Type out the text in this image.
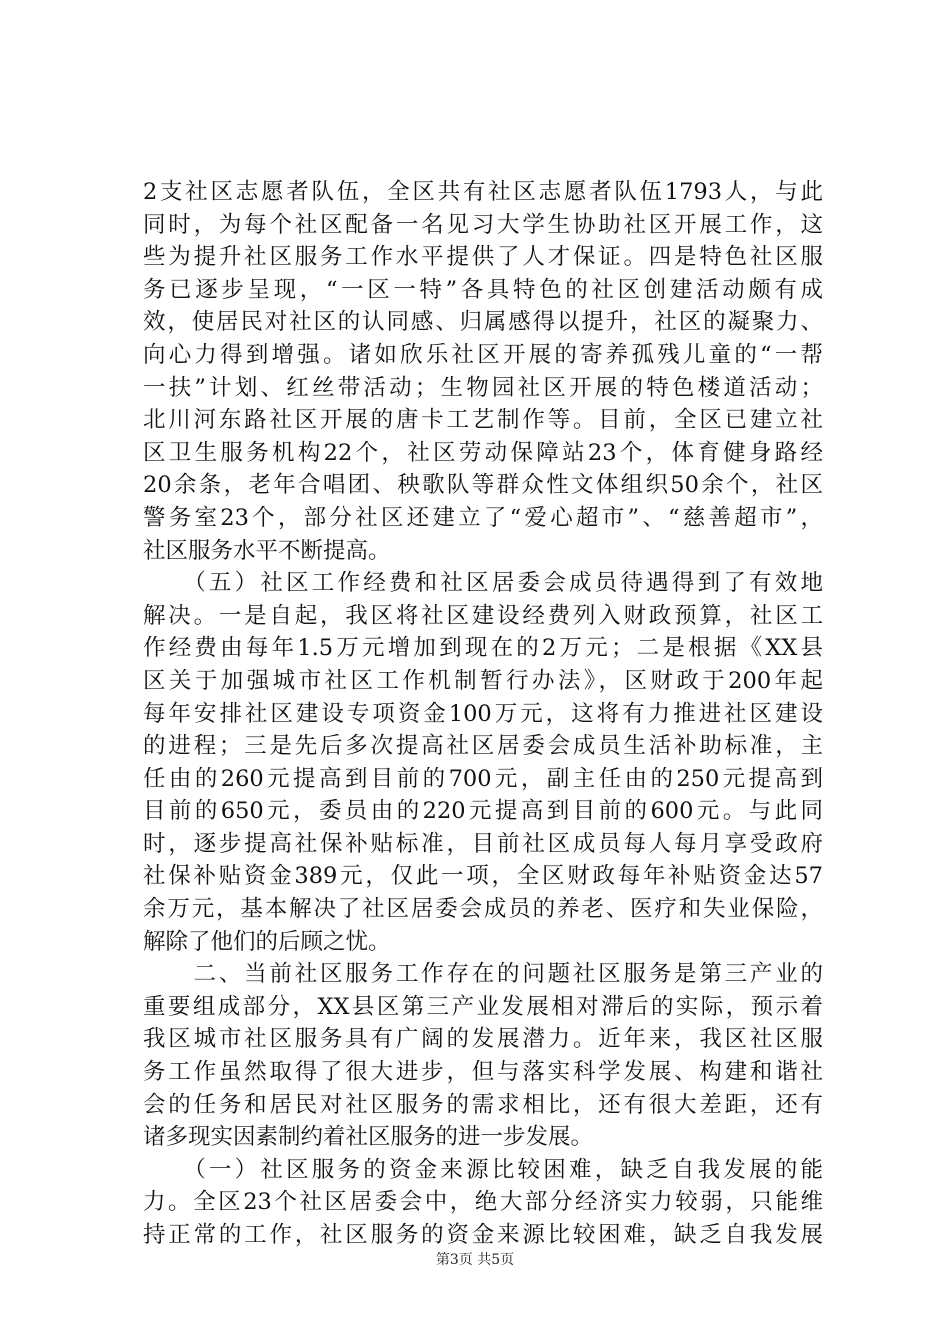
2支社区志愿者队伍，全区共有社区志愿者队伍1793人，与此
同时，为每个社区配备一名见习大学生协助社区开展工作，这
些为提升社区服务工作水平提供了人才保证。四是特色社区服
务已逐步呈现，“一区一特”各具特色的社区创建活动颇有成
效，使居民对社区的认同感、归属感得以提升，社区的凝聚力、
向心力得到增强。诸如欣乐社区开展的寄养孤残儿童的“一帮
一扶”计划、红丝带活动；生物园社区开展的特色楼道活动；
北川河东路社区开展的唐卡工艺制作等。目前，全区已建立社
区卫生服务机构22个，社区劳动保障站23个，体育健身路经
20余条，老年合唱团、秧歌队等群众性文体组织50余个，社区
警务室23个，部分社区还建立了“爱心超市”、“慈善超市”，
社区服务水平不断提高。
　　（五）社区工作经费和社区居委会成员待遇得到了有效地
解决。一是自起，我区将社区建设经费列入财政预算，社区工
作经费由每年1.5万元增加到现在的2万元；二是根据《XX县
区关于加强城市社区工作机制暂行办法》，区财政于200年起
每年安排社区建设专项资金100万元，这将有力推进社区建设
的进程；三是先后多次提高社区居委会成员生活补助标准，主
任由的260元提高到目前的700元，副主任由的250元提高到
目前的650元，委员由的220元提高到目前的600元。与此同
时，逐步提高社保补贴标准，目前社区成员每人每月享受政府
社保补贴资金389元，仅此一项，全区财政每年补贴资金达57
余万元，基本解决了社区居委会成员的养老、医疗和失业保险，
解除了他们的后顾之忧。
　　二、当前社区服务工作存在的问题社区服务是第三产业的
重要组成部分，XX县区第三产业发展相对滞后的实际，预示着
我区城市社区服务具有广阔的发展潜力。近年来，我区社区服
务工作虽然取得了很大进步，但与落实科学发展、构建和谐社
会的任务和居民对社区服务的需求相比，还有很大差距，还有
诸多现实因素制约着社区服务的进一步发展。
　　（一）社区服务的资金来源比较困难，缺乏自我发展的能
力。全区23个社区居委会中，绝大部分经济实力较弱，只能维
持正常的工作，社区服务的资金来源比较困难，缺乏自我发展
第3页 共5页
